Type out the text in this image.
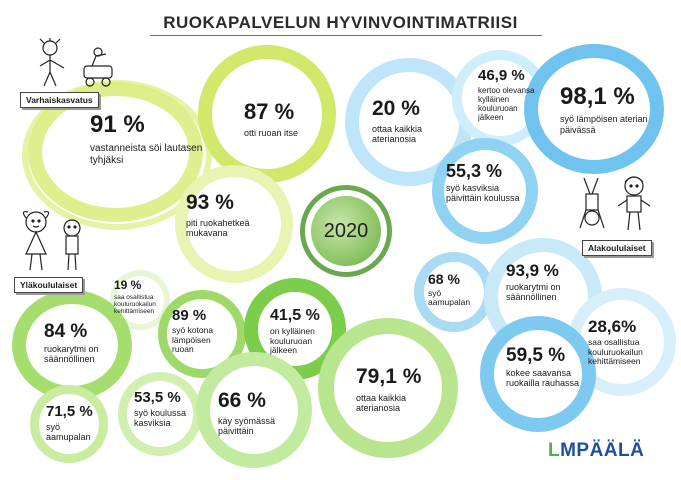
RUOKAPALVELUN HYVINVOINTIMATRIISI
2020
Varhaiskasvatus
Yläkoululaiset
Alakoululaiset
91 %
vastanneista söi lautasen tyhjäksi
87 %
otti ruoan itse
93 %
piti ruokahetkeä mukavana
20 %
ottaa kaikkia aterianosia
46,9 %
kertoo olevansa kylläinen kouluruoan jälkeen
98,1 %
syö lämpöisen aterian päivässä
55,3 %
syö kasviksia päivittäin koulussa
68 %
syö aamupalan
93,9 %
ruokarytmi on säännöllinen
28,6%
saa osallistua kouluruokailun kehittämiseen
59,5 %
kokee saavansa ruokailla rauhassa
19 %
saa osallistua kouluruokailun kehittämiseen
84 %
ruokarytmi on säännöllinen
89 %
syö kotona lämpöisen ruoan
41,5 %
on kylläinen kouluruoan jälkeen
79,1 %
ottaa kaikkia aterianosia
71,5 %
syö aamupalan
53,5 %
syö koulussa kasviksia
66 %
käy syömässä päivittäin
LMPÄÄLÄ
